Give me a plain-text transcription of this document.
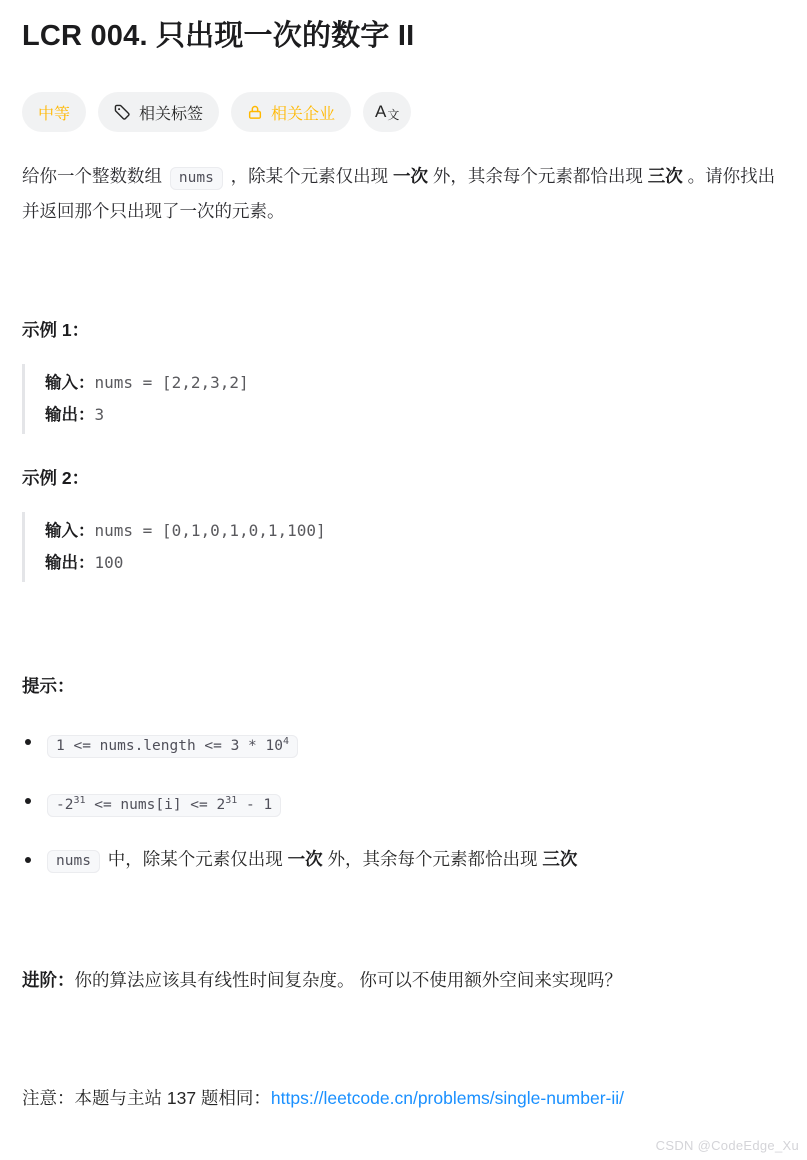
LCR 004. 只出现一次的数字 II
中等	相关标签	相关企业 A 文

给你一个整数数组 nums ，除某个元素仅出现 一次 外，其余每个元素都恰出现 三次 。请你找出并返回那个只出现了一次的元素。

示例 1：
输入：nums = [2,2,3,2]
输出：3
示例 2：
输入：nums = [0,1,0,1,0,1,100]
输出：100
提示：
1 <= nums.length <= $3 * 10^4$
$-2^{31}$ <= nums[i] <= $2^{31} - 1$
nums 中，除某个元素仅出现 一次 外，其余每个元素都恰出现 三次

进阶：你的算法应该具有线性时间复杂度。 你可以不使用额外空间来实现吗？

注意：本题与主站 137 题相同：https://leetcode.cn/problems/single-number-ii/

CSDN @CodeEdge_Xu
